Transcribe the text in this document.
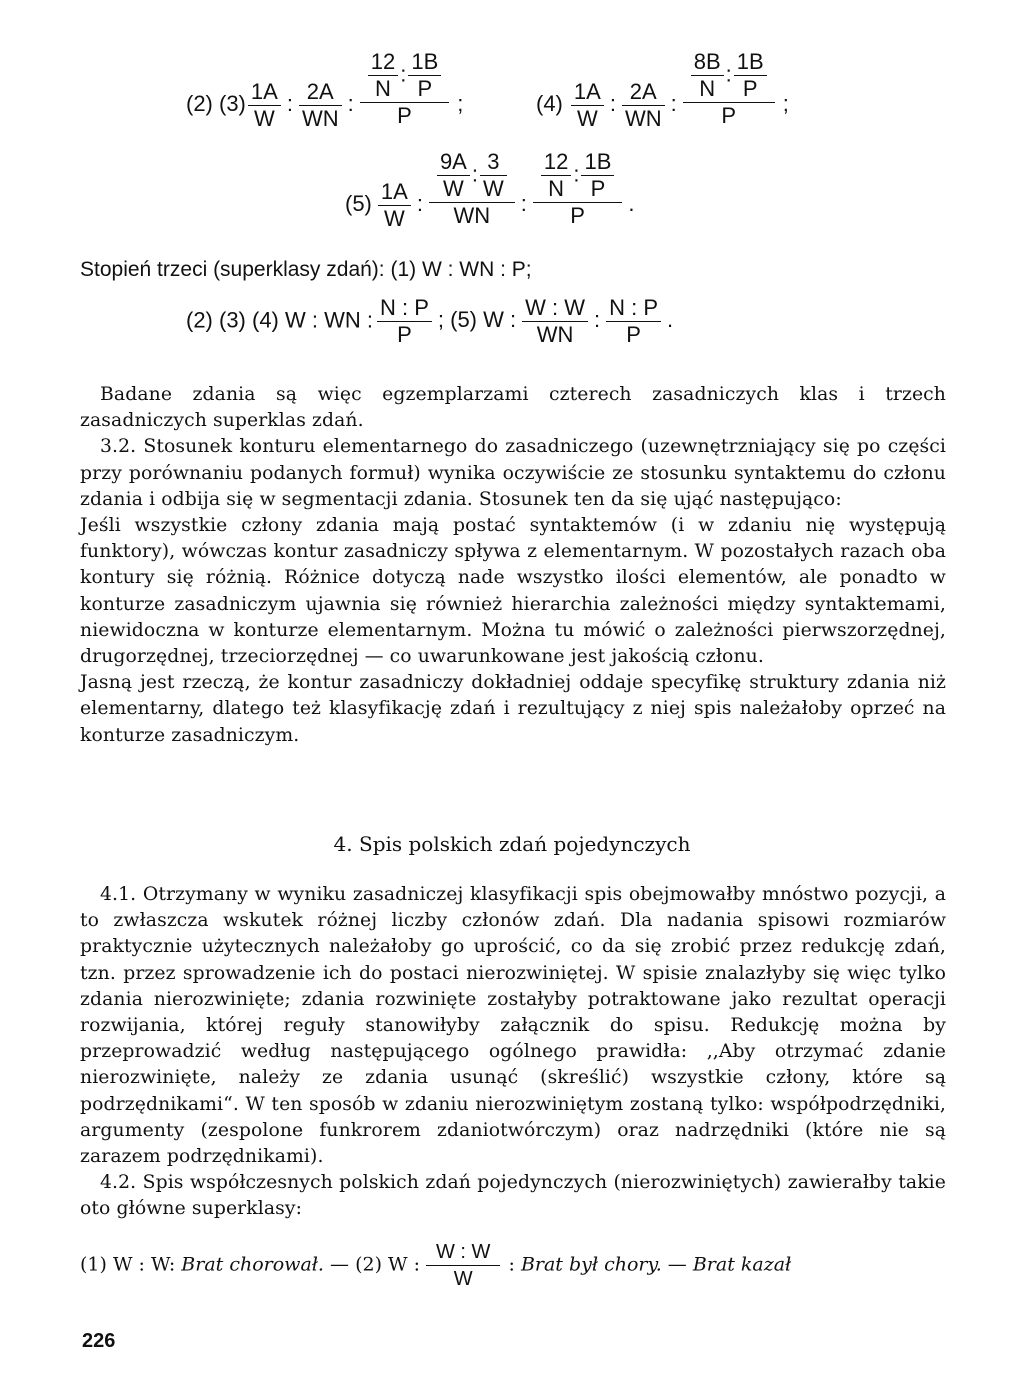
(2) $(3) \frac{1A}{W}$ : $\frac{2A}{WN}$ : $\frac{\frac{12}{N} : \frac{1B}{P}}{P}$ ;	$(4) \frac{1A}{W}$ : $\frac{2A}{WN}$ : $\frac{\frac{8B}{N} : \frac{1B}{P}}{P}$ ;
$(5) \frac{1A}{W}$ : $\frac{\frac{9A}{W} : \frac{3}{W}}{WN}$ : $\frac{\frac{12}{N} : \frac{1B}{P}}{P}$ .
Stopień trzeci (superklasy zdań): (1) W : WN : P;
(2) (3) (4) W : WN : $\frac{N : P}{P}$ ; (5) W : $\frac{W : W}{WN}$ : $\frac{N : P}{P}$ .

Badane zdania są więc egzemplarzami czterech zasadniczych klas i trzech zasadniczych superklas zdań.

3.2. Stosunek konturu elementarnego do zasadniczego (uzewnętrzniający się po części przy porównaniu podanych formuł) wynika oczywiście ze stosunku syntaktemu do członu zdania i odbija się w segmentacji zdania. Stosunek ten da się ująć następująco:

Jeśli wszystkie człony zdania mają postać syntaktemów (i w zdaniu nię występują funktory), wówczas kontur zasadniczy spływa z elementarnym. W pozostałych razach oba kontury się różnią. Różnice dotyczą nade wszystko ilości elementów, ale ponadto w konturze zasadniczym ujawnia się również hierarchia zależności między syntaktemami, niewidoczna w konturze elementarnym. Można tu mówić o zależności pierwszorzędnej, drugorzędnej, trzeciorzędnej — co uwarunkowane jest jakością członu.

Jasną jest rzeczą, że kontur zasadniczy dokładniej oddaje specyfikę struktury zdania niż elementarny, dlatego też klasyfikację zdań i rezultujący z niej spis należałoby oprzeć na konturze zasadniczym.

4. Spis polskich zdań pojedynczych

4.1. Otrzymany w wyniku zasadniczej klasyfikacji spis obejmowałby mnóstwo pozycji, a to zwłaszcza wskutek różnej liczby członów zdań. Dla nadania spisowi rozmiarów praktycznie użytecznych należałoby go uprościć, co da się zrobić przez redukcję zdań, tzn. przez sprowadzenie ich do postaci nierozwiniętej. W spisie znalazłyby się więc tylko zdania nierozwinięte; zdania rozwinięte zostałyby potraktowane jako rezultat operacji rozwijania, której reguły stanowiłyby załącznik do spisu. Redukcję można by przeprowadzić według następującego ogólnego prawidła: ,,Aby otrzymać zdanie nierozwinięte, należy ze zdania usunąć (skreślić) wszystkie człony, które są podrzędnikami“. W ten sposób w zdaniu nierozwiniętym zostaną tylko: współpodrzędniki, argumenty (zespolone funkrorem zdaniotwórczym) oraz nadrzędniki (które nie są zarazem podrzędnikami).

4.2. Spis współczesnych polskich zdań pojedynczych (nierozwiniętych) zawierałby takie oto główne superklasy:

(1) W : W: Brat chorował. — (2) W : $\frac{W : W}{W}$ : Brat był chory. — Brat kazał
226
